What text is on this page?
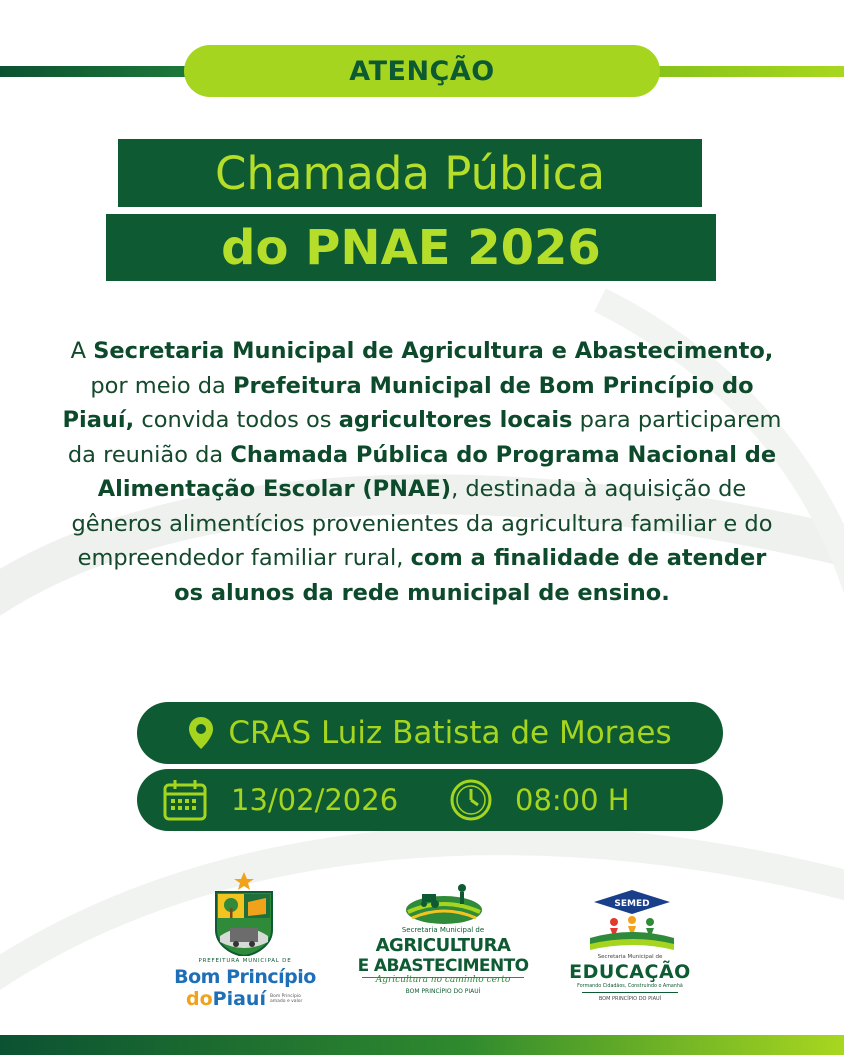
ATENÇÃO
Chamada Pública
do PNAE 2026
A Secretaria Municipal de Agricultura e Abastecimento, por meio da Prefeitura Municipal de Bom Princípio do Piauí, convida todos os agricultores locais para participarem da reunião da Chamada Pública do Programa Nacional de Alimentação Escolar (PNAE), destinada à aquisição de gêneros alimentícios provenientes da agricultura familiar e do empreendedor familiar rural, com a finalidade de atender os alunos da rede municipal de ensino.
CRAS Luiz Batista de Moraes
13/02/2026	08:00 H
PREFEITURA MUNICIPAL DE
Bom Princípio
doPiauí Bom Princípio amado e valor
Secretaria Municipal de
AGRICULTURA
E ABASTECIMENTO
Agricultura no caminho certo
BOM PRINCÍPIO DO PIAUÍ
SEMED
Secretaria Municipal de
EDUCAÇÃO
Formando Cidadãos, Construindo o Amanhã
BOM PRINCÍPIO DO PIAUÍ
